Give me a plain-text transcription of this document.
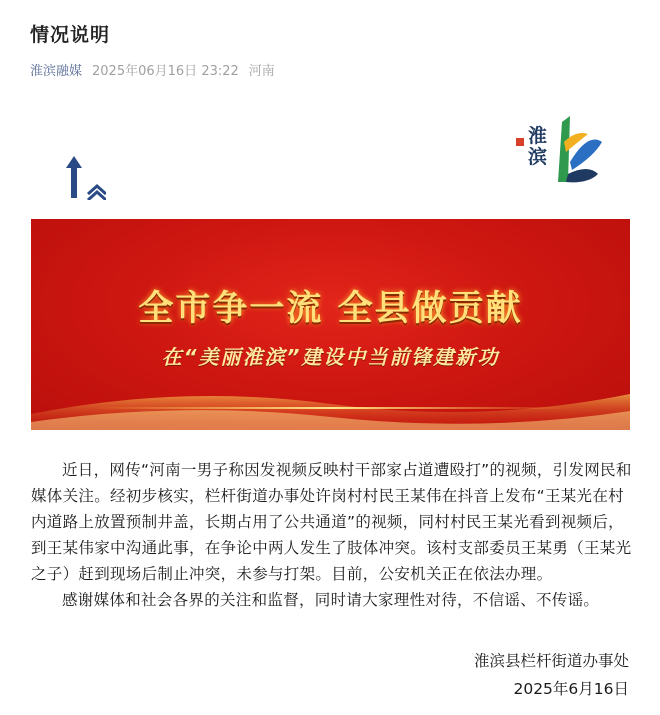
情况说明
淮滨融媒 2025年06月16日 23:22 河南
淮滨
全市争一流 全县做贡献
在“美丽淮滨”建设中当前锋建新功

近日，网传“河南一男子称因发视频反映村干部家占道遭殴打”的视频，引发网民和媒体关注。经初步核实，栏杆街道办事处许岗村村民王某伟在抖音上发布“王某光在村内道路上放置预制井盖，长期占用了公共通道”的视频，同村村民王某光看到视频后，到王某伟家中沟通此事，在争论中两人发生了肢体冲突。该村支部委员王某勇（王某光之子）赶到现场后制止冲突，未参与打架。目前，公安机关正在依法办理。

感谢媒体和社会各界的关注和监督，同时请大家理性对待，不信谣、不传谣。

淮滨县栏杆街道办事处
2025年6月16日
